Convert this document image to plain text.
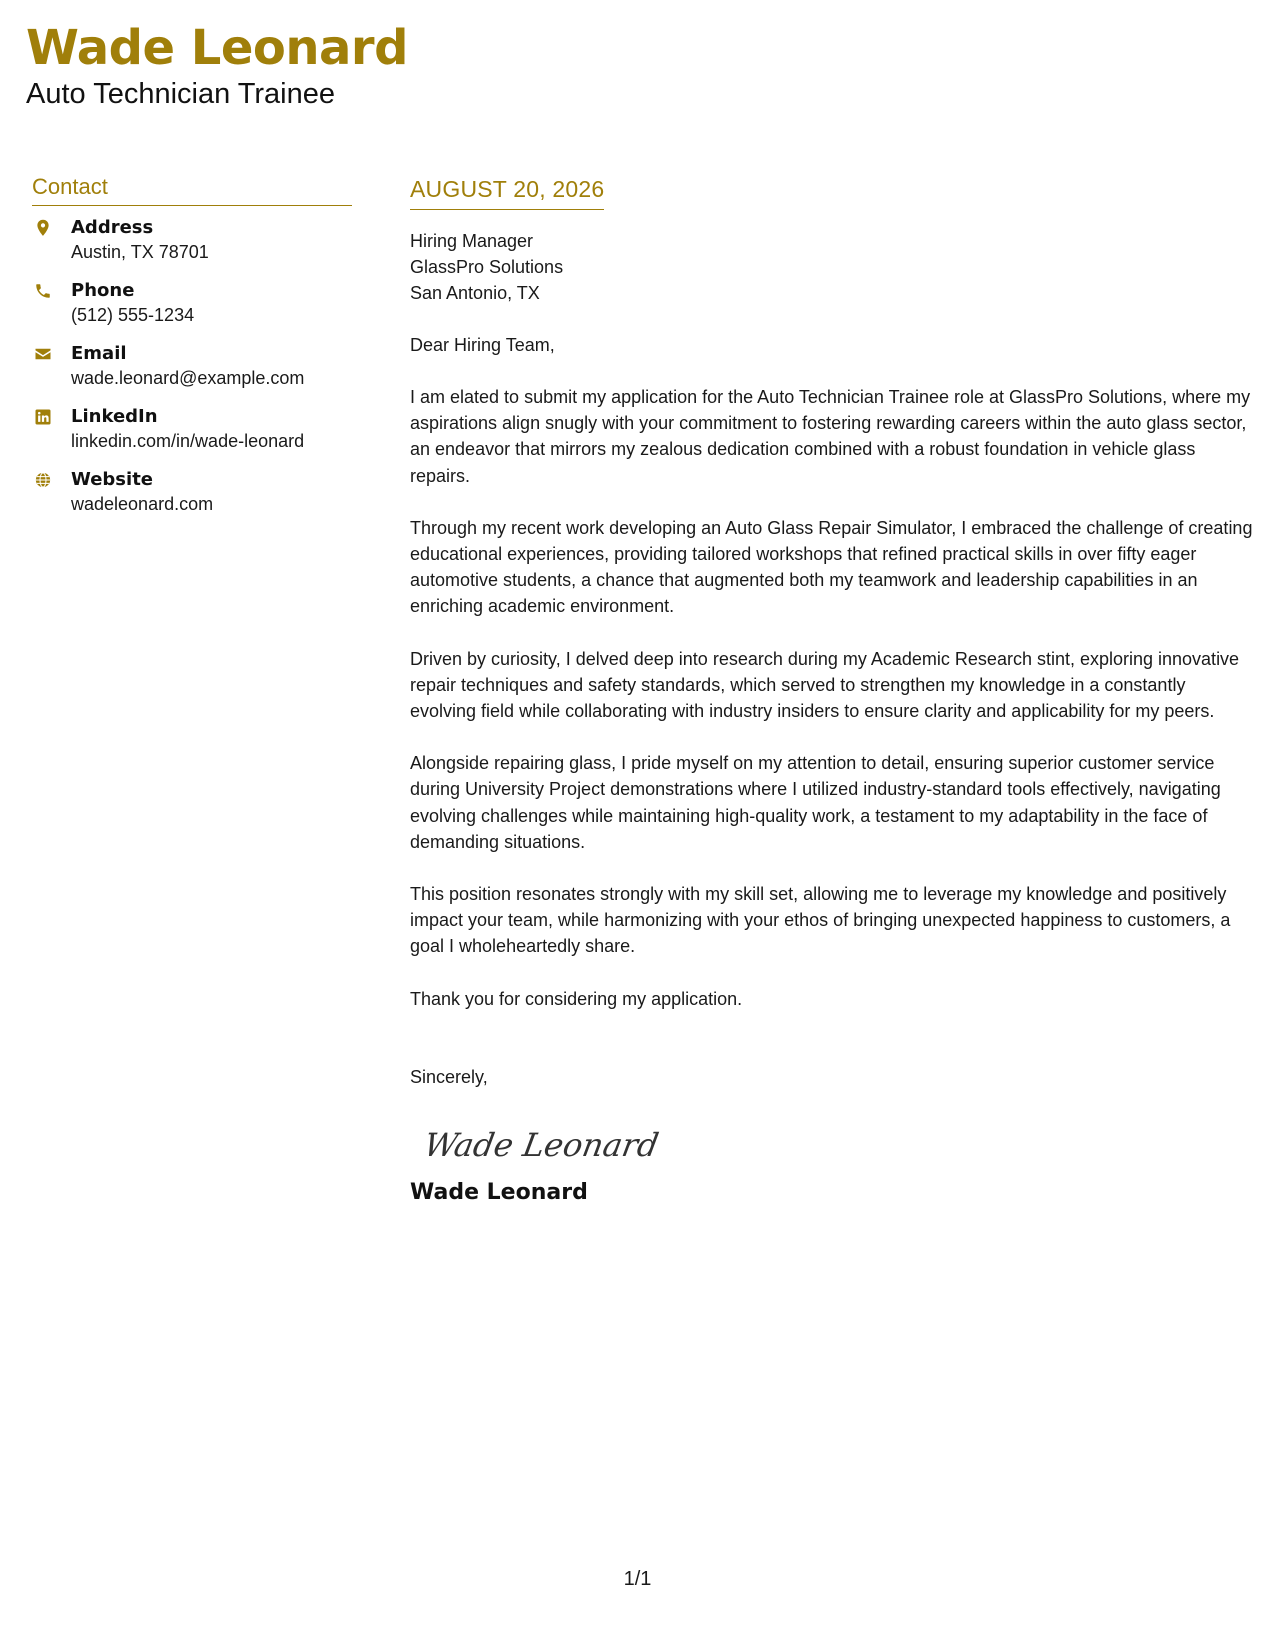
Wade Leonard
Auto Technician Trainee
Contact
Address
Austin, TX 78701
Phone
(512) 555-1234
Email
wade.leonard@example.com
LinkedIn
linkedin.com/in/wade-leonard
Website
wadeleonard.com
AUGUST 20, 2026
Hiring Manager
GlassPro Solutions
San Antonio, TX
Dear Hiring Team,
I am elated to submit my application for the Auto Technician Trainee role at GlassPro Solutions, where my aspirations align snugly with your commitment to fostering rewarding careers within the auto glass sector, an endeavor that mirrors my zealous dedication combined with a robust foundation in vehicle glass repairs.
Through my recent work developing an Auto Glass Repair Simulator, I embraced the challenge of creating educational experiences, providing tailored workshops that refined practical skills in over fifty eager automotive students, a chance that augmented both my teamwork and leadership capabilities in an enriching academic environment.
Driven by curiosity, I delved deep into research during my Academic Research stint, exploring innovative repair techniques and safety standards, which served to strengthen my knowledge in a constantly evolving field while collaborating with industry insiders to ensure clarity and applicability for my peers.
Alongside repairing glass, I pride myself on my attention to detail, ensuring superior customer service during University Project demonstrations where I utilized industry-standard tools effectively, navigating evolving challenges while maintaining high-quality work, a testament to my adaptability in the face of demanding situations.
This position resonates strongly with my skill set, allowing me to leverage my knowledge and positively impact your team, while harmonizing with your ethos of bringing unexpected happiness to customers, a goal I wholeheartedly share.
Thank you for considering my application.
Sincerely,
Wade Leonard
Wade Leonard
1/1
